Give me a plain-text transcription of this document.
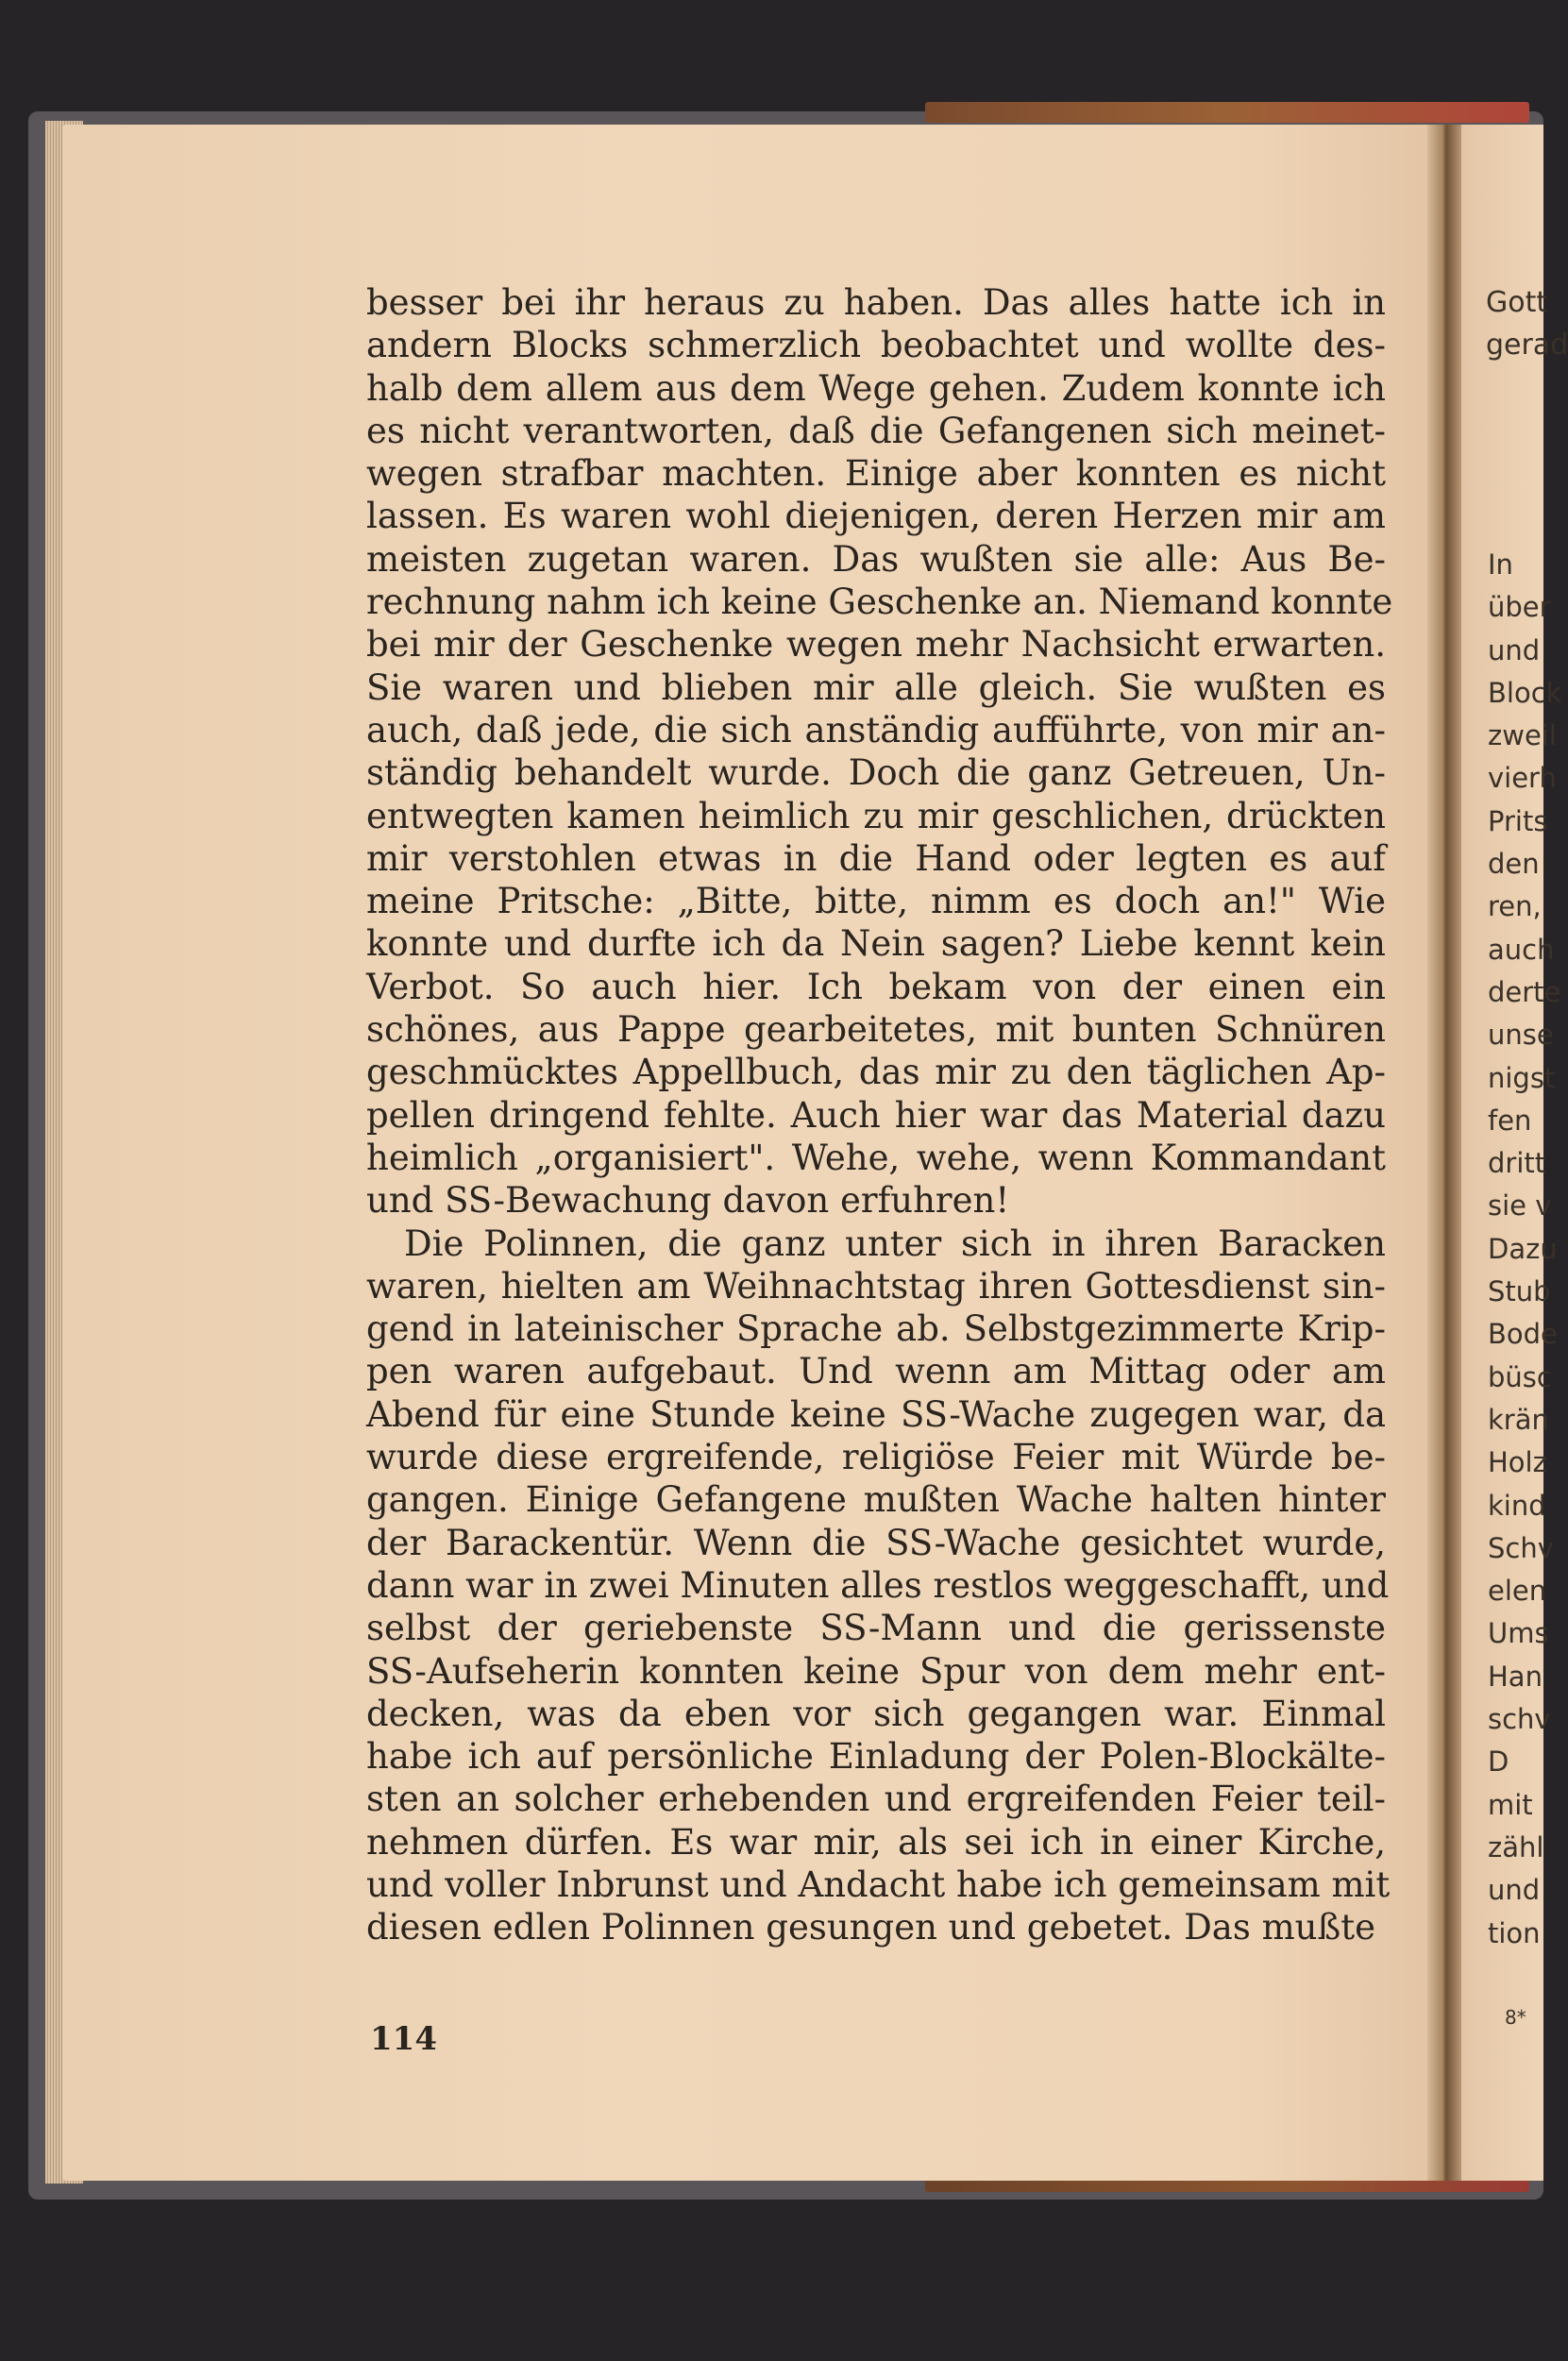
besser bei ihr heraus zu haben. Das alles hatte ich in
andern Blocks schmerzlich beobachtet und wollte des-
halb dem allem aus dem Wege gehen. Zudem konnte ich
es nicht verantworten, daß die Gefangenen sich meinet-
wegen strafbar machten. Einige aber konnten es nicht
lassen. Es waren wohl diejenigen, deren Herzen mir am
meisten zugetan waren. Das wußten sie alle: Aus Be-
rechnung nahm ich keine Geschenke an. Niemand konnte
bei mir der Geschenke wegen mehr Nachsicht erwarten.
Sie waren und blieben mir alle gleich. Sie wußten es
auch, daß jede, die sich anständig aufführte, von mir an-
ständig behandelt wurde. Doch die ganz Getreuen, Un-
entwegten kamen heimlich zu mir geschlichen, drückten
mir verstohlen etwas in die Hand oder legten es auf
meine Pritsche: „Bitte, bitte, nimm es doch an!" Wie
konnte und durfte ich da Nein sagen? Liebe kennt kein
Verbot. So auch hier. Ich bekam von der einen ein
schönes, aus Pappe gearbeitetes, mit bunten Schnüren
geschmücktes Appellbuch, das mir zu den täglichen Ap-
pellen dringend fehlte. Auch hier war das Material dazu
heimlich „organisiert". Wehe, wehe, wenn Kommandant
und SS-Bewachung davon erfuhren!
Die Polinnen, die ganz unter sich in ihren Baracken
waren, hielten am Weihnachtstag ihren Gottesdienst sin-
gend in lateinischer Sprache ab. Selbstgezimmerte Krip-
pen waren aufgebaut. Und wenn am Mittag oder am
Abend für eine Stunde keine SS-Wache zugegen war, da
wurde diese ergreifende, religiöse Feier mit Würde be-
gangen. Einige Gefangene mußten Wache halten hinter
der Barackentür. Wenn die SS-Wache gesichtet wurde,
dann war in zwei Minuten alles restlos weggeschafft, und
selbst der geriebenste SS-Mann und die gerissenste
SS-Aufseherin konnten keine Spur von dem mehr ent-
decken, was da eben vor sich gegangen war. Einmal
habe ich auf persönliche Einladung der Polen-Blockälte-
sten an solcher erhebenden und ergreifenden Feier teil-
nehmen dürfen. Es war mir, als sei ich in einer Kirche,
und voller Inbrunst und Andacht habe ich gemeinsam mit
diesen edlen Polinnen gesungen und gebetet. Das mußte
114
Gott
gerad
In
über
und
Block
zweil
vierh
Prits
den
ren,
auch
derte
unse
nigst
fen
dritt
sie v
Dazu
Stub
Bode
büsc
krän
Holz
kind
Schv
elen
Ums
Han
schv
D
mit
zähl
und
tion
8*
